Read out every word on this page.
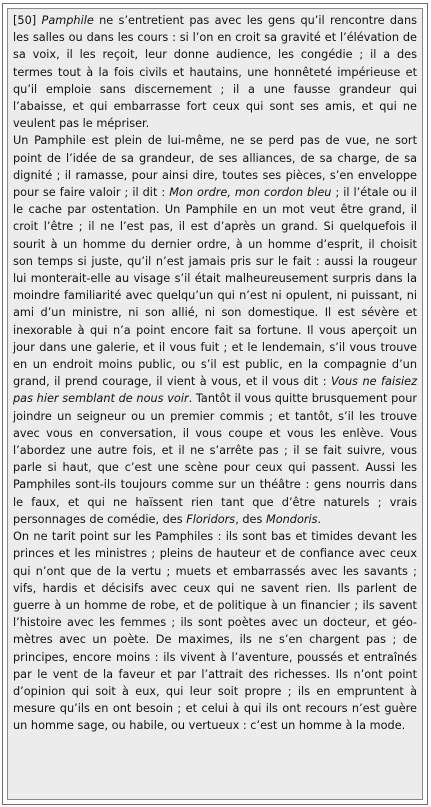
[50] Pamphile ne s’entretient pas avec les gens qu’il rencontre dans les salles ou dans les cours : si l’on en croit sa gravité et l’élévation de sa voix, il les reçoit, leur donne audience, les congédie ; il a des termes tout à la fois civils et hautains, une honnêteté impérieuse et qu’il emploie sans discernement ; il a une fausse grandeur qui l’abaisse, et qui embarrasse fort ceux qui sont ses amis, et qui ne veulent pas le mépriser.

Un Pamphile est plein de lui-même, ne se perd pas de vue, ne sort point de l’idée de sa grandeur, de ses alliances, de sa charge, de sa dignité ; il ramasse, pour ainsi dire, toutes ses pièces, s’en enveloppe pour se faire valoir ; il dit : Mon ordre, mon cordon bleu ; il l’étale ou il le cache par ostentation. Un Pamphile en un mot veut être grand, il croit l’être ; il ne l’est pas, il est d’après un grand. Si quelquefois il sourit à un homme du dernier ordre, à un homme d’esprit, il choisit son temps si juste, qu’il n’est jamais pris sur le fait : aussi la rougeur lui monterait-elle au visage s’il était malheureusement surpris dans la moindre familiarité avec quelqu’un qui n’est ni opulent, ni puissant, ni ami d’un ministre, ni son allié, ni son domestique. Il est sévère et inexorable à qui n’a point encore fait sa fortune. Il vous aperçoit un jour dans une galerie, et il vous fuit ; et le lendemain, s’il vous trouve en un endroit moins public, ou s’il est public, en la compagnie d’un grand, il prend courage, il vient à vous, et il vous dit : Vous ne faisiez pas hier semblant de nous voir. Tantôt il vous quitte brusquement pour joindre un seigneur ou un premier commis ; et tantôt, s’il les trouve avec vous en conversation, il vous coupe et vous les enlève. Vous l’abordez une autre fois, et il ne s’arrête pas ; il se fait suivre, vous parle si haut, que c’est une scène pour ceux qui passent. Aussi les Pamphiles sont-ils toujours comme sur un théâtre : gens nourris dans le faux, et qui ne haïssent rien tant que d’être naturels ; vrais personnages de comédie, des Floridors, des Mondoris.

On ne tarit point sur les Pamphiles : ils sont bas et timides devant les princes et les ministres ; pleins de hauteur et de confiance avec ceux qui n’ont que de la vertu ; muets et embarrassés avec les savants ; vifs, hardis et décisifs avec ceux qui ne savent rien. Ils parlent de guerre à un homme de robe, et de politique à un financier ; ils savent l’histoire avec les femmes ; ils sont poètes avec un docteur, et géomètres avec un poète. De maximes, ils ne s’en chargent pas ; de principes, encore moins : ils vivent à l’aventure, poussés et entraînés par le vent de la faveur et par l’attrait des richesses. Ils n’ont point d’opinion qui soit à eux, qui leur soit propre ; ils en empruntent à mesure qu’ils en ont besoin ; et celui à qui ils ont recours n’est guère un homme sage, ou habile, ou vertueux : c’est un homme à la mode.
